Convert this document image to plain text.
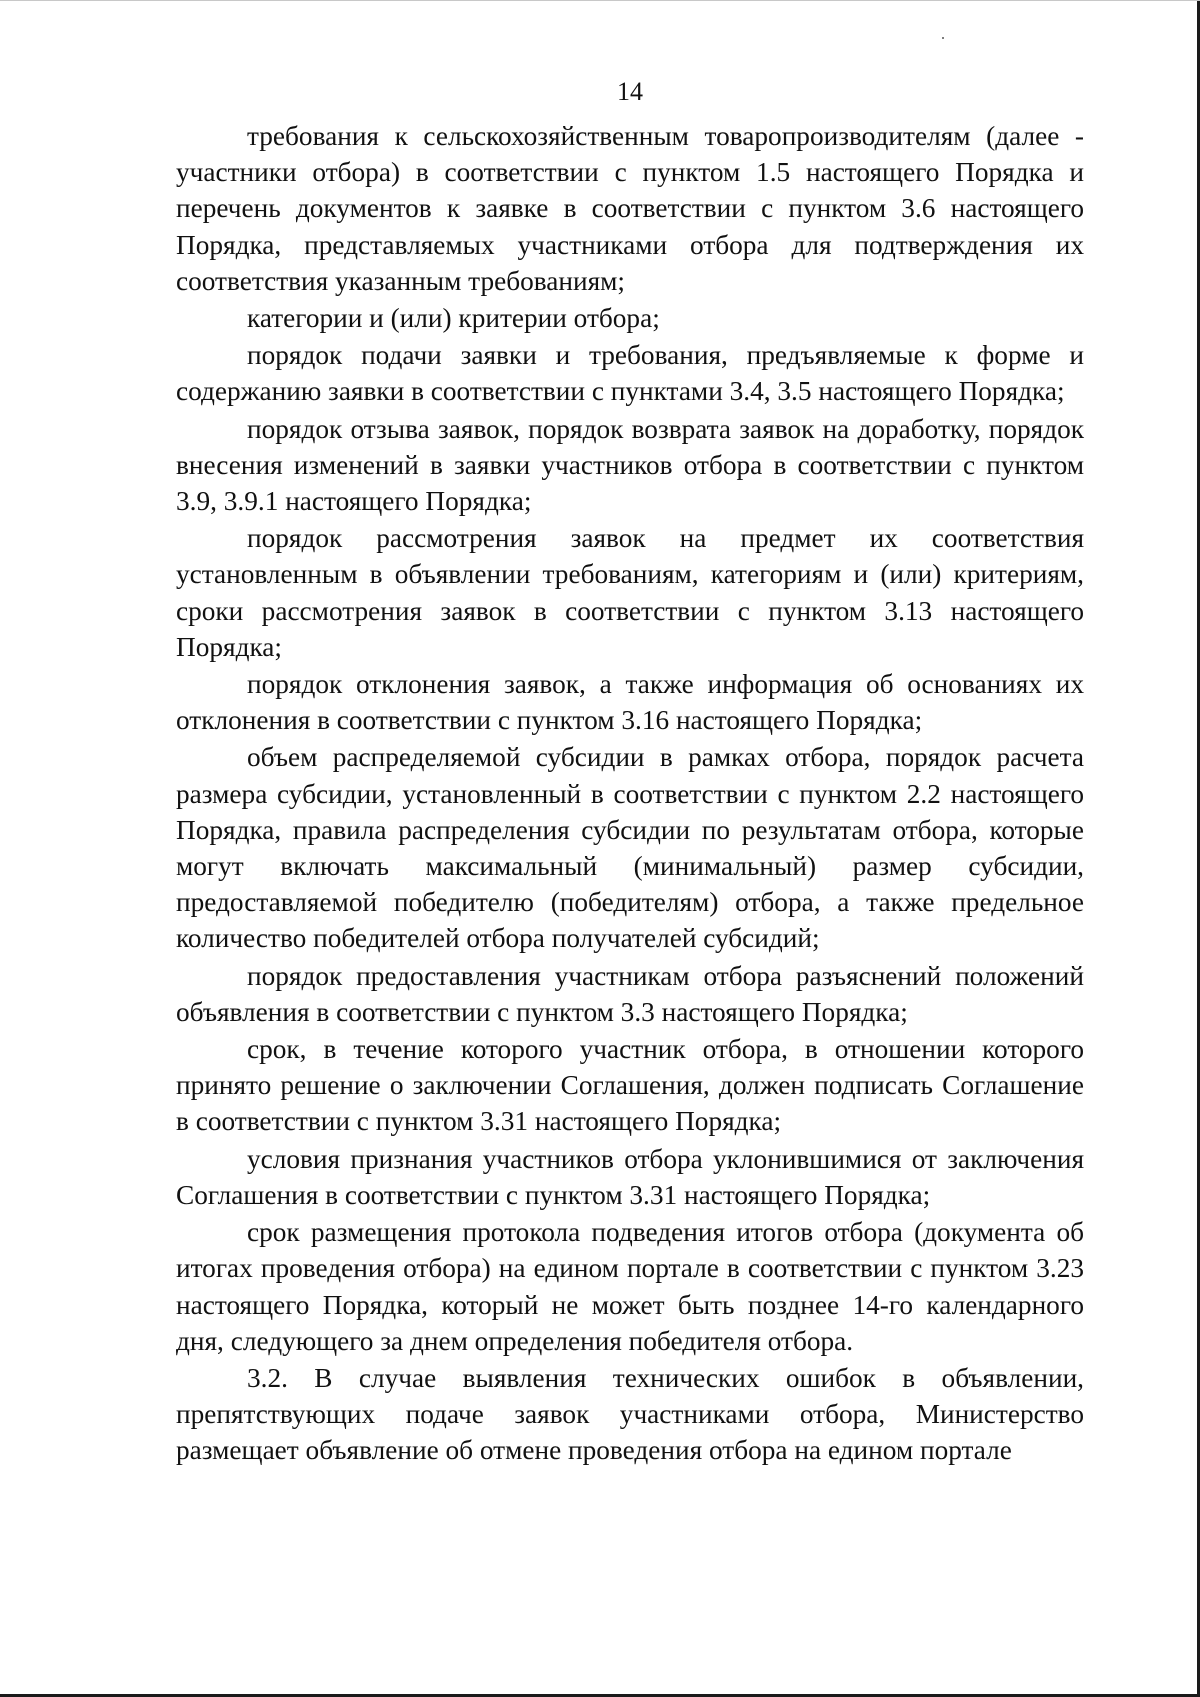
14

требования к сельскохозяйственным товаропроизводителям (далее - участники отбора) в соответствии с пунктом 1.5 настоящего Порядка и перечень документов к заявке в соответствии с пунктом 3.6 настоящего Порядка, представляемых участниками отбора для подтверждения их соответствия указанным требованиям;

категории и (или) критерии отбора;

порядок подачи заявки и требования, предъявляемые к форме и содержанию заявки в соответствии с пунктами 3.4, 3.5 настоящего Порядка;

порядок отзыва заявок, порядок возврата заявок на доработку, порядок внесения изменений в заявки участников отбора в соответствии с пунктом 3.9, 3.9.1 настоящего Порядка;

порядок рассмотрения заявок на предмет их соответствия установленным в объявлении требованиям, категориям и (или) критериям, сроки рассмотрения заявок в соответствии с пунктом 3.13 настоящего Порядка;

порядок отклонения заявок, а также информация об основаниях их отклонения в соответствии с пунктом 3.16 настоящего Порядка;

объем распределяемой субсидии в рамках отбора, порядок расчета размера субсидии, установленный в соответствии с пунктом 2.2 настоящего Порядка, правила распределения субсидии по результатам отбора, которые могут включать максимальный (минимальный) размер субсидии, предоставляемой победителю (победителям) отбора, а также предельное количество победителей отбора получателей субсидий;

порядок предоставления участникам отбора разъяснений положений объявления в соответствии с пунктом 3.3 настоящего Порядка;

срок, в течение которого участник отбора, в отношении которого принято решение о заключении Соглашения, должен подписать Соглашение в соответствии с пунктом 3.31 настоящего Порядка;

условия признания участников отбора уклонившимися от заключения Соглашения в соответствии с пунктом 3.31 настоящего Порядка;

срок размещения протокола подведения итогов отбора (документа об итогах проведения отбора) на едином портале в соответствии с пунктом 3.23 настоящего Порядка, который не может быть позднее 14-го календарного дня, следующего за днем определения победителя отбора.

3.2. В случае выявления технических ошибок в объявлении, препятствующих подаче заявок участниками отбора, Министерство размещает объявление об отмене проведения отбора на едином портале
